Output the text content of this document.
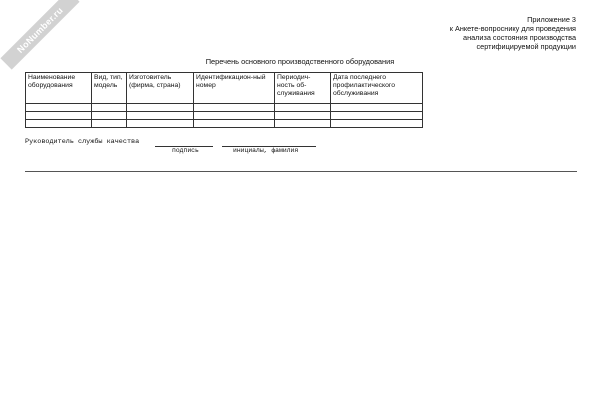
NoNumber.ru	Приложение 3
к Анкете-вопроснику для проведения
анализа состояния производства
сертифицируемой продукции
Перечень основного производственного оборудования
Наименование оборудования	Вид, тип, модель	Изготовитель (фирма, страна)	Идентификацион-ный номер	Периодич-ность об-служивания	Дата последнего профилактического обслуживания

Руководитель службы качества
подпись	инициалы, фамилия
